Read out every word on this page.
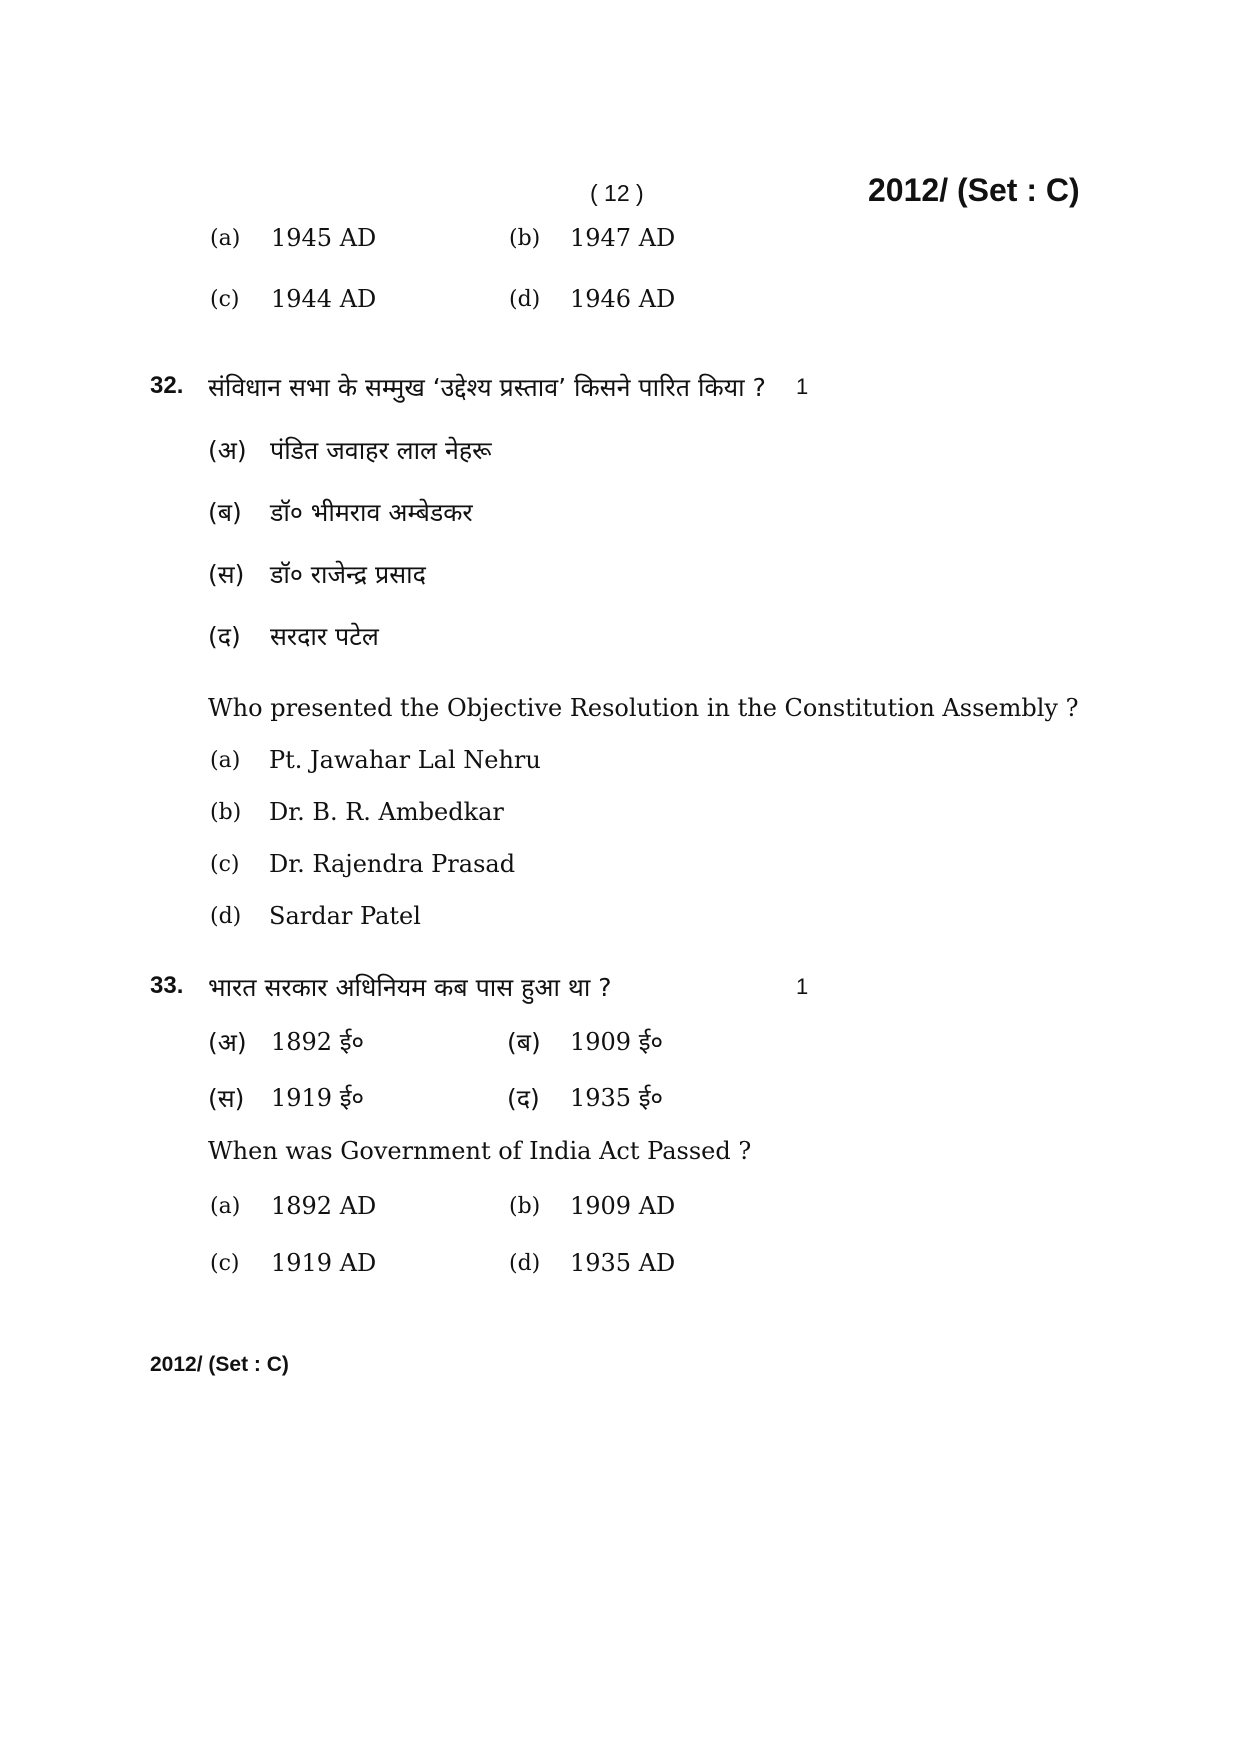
( 12 )	2012/ (Set : C)
(a) 1945 AD	(b) 1947 AD
(c) 1944 AD	(d) 1946 AD
32. संविधान सभा के सम्मुख ‘उद्देश्य प्रस्ताव’ किसने पारित किया ? 1
(अ) पंडित जवाहर लाल नेहरू
(ब) डॉ० भीमराव अम्बेडकर
(स) डॉ० राजेन्द्र प्रसाद
(द) सरदार पटेल
Who presented the Objective Resolution in the Constitution Assembly ?
(a) Pt. Jawahar Lal Nehru
(b) Dr. B. R. Ambedkar
(c) Dr. Rajendra Prasad
(d) Sardar Patel
33. भारत सरकार अधिनियम कब पास हुआ था ?	1
(अ) 1892 ई०	(ब) 1909 ई०
(स) 1919 ई०	(द) 1935 ई०
When was Government of India Act Passed ?
(a) 1892 AD	(b) 1909 AD
(c) 1919 AD	(d) 1935 AD
2012/ (Set : C)
